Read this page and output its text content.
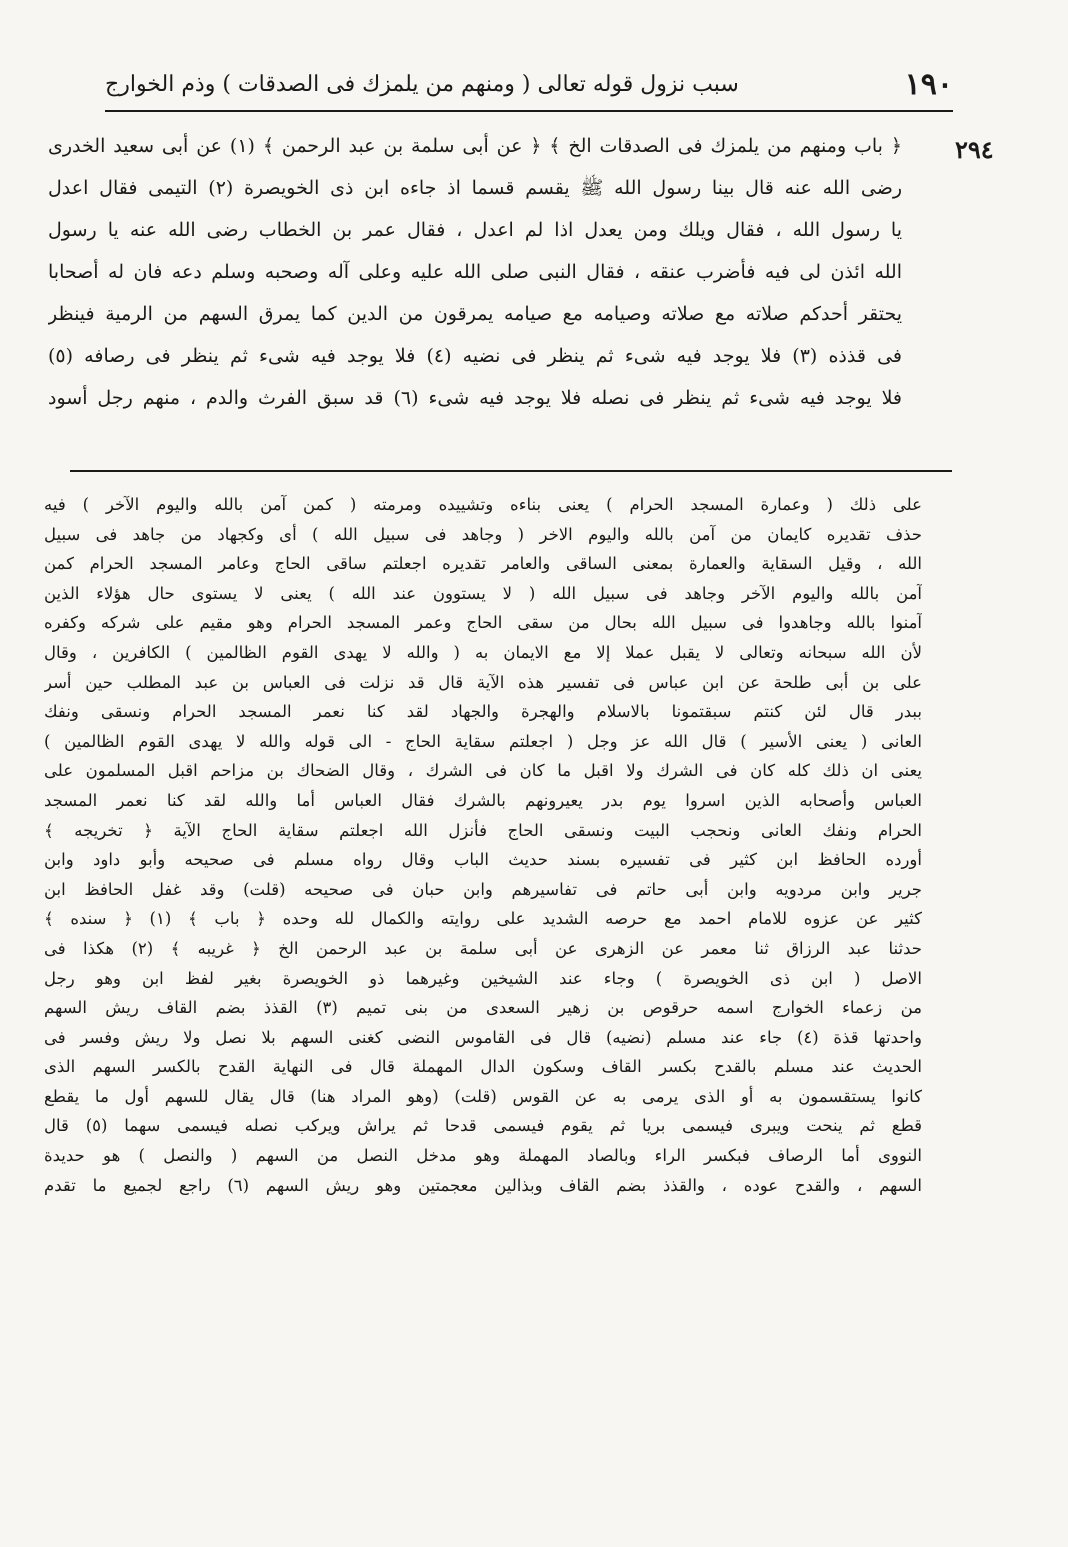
١٩٠
سبب نزول قوله تعالى ( ومنهم من يلمزك فى الصدقات ) وذم الخوارج
٢٩٤
﴿ باب ومنهم من يلمزك فى الصدقات الخ ﴾ ﴿ عن أبى سلمة بن عبد الرحمن ﴾ (١) عن أبى سعيد الخدرى
رضى الله عنه قال بينا رسول الله ﷺ يقسم قسما اذ جاءه ابن ذى الخويصرة (٢) التيمى فقال اعدل
يا رسول الله ، فقال ويلك ومن يعدل اذا لم اعدل ، فقال عمر بن الخطاب رضى الله عنه يا رسول
الله ائذن لى فيه فأضرب عنقه ، فقال النبى صلى الله عليه وعلى آله وصحبه وسلم دعه فان له أصحابا
يحتقر أحدكم صلاته مع صلاته وصيامه مع صيامه يمرقون من الدين كما يمرق السهم من الرمية فينظر
فى قذذه (٣) فلا يوجد فيه شىء ثم ينظر فى نضيه (٤) فلا يوجد فيه شىء ثم ينظر فى رصافه (٥)
فلا يوجد فيه شىء ثم ينظر فى نصله فلا يوجد فيه شىء (٦) قد سبق الفرث والدم ، منهم رجل أسود
على ذلك ( وعمارة المسجد الحرام ) يعنى بناءه وتشييده ومرمته ( كمن آمن بالله واليوم الآخر ) فيه
حذف تقديره كايمان من آمن بالله واليوم الاخر ( وجاهد فى سبيل الله ) أى وكجهاد من جاهد فى سبيل
الله ، وقيل السقاية والعمارة بمعنى الساقى والعامر تقديره اجعلتم ساقى الحاج وعامر المسجد الحرام كمن
آمن بالله واليوم الآخر وجاهد فى سبيل الله ( لا يستوون عند الله ) يعنى لا يستوى حال هؤلاء الذين
آمنوا بالله وجاهدوا فى سبيل الله بحال من سقى الحاج وعمر المسجد الحرام وهو مقيم على شركه وكفره
لأن الله سبحانه وتعالى لا يقبل عملا إلا مع الايمان به ( والله لا يهدى القوم الظالمين ) الكافرين ، وقال
على بن أبى طلحة عن ابن عباس فى تفسير هذه الآية قال قد نزلت فى العباس بن عبد المطلب حين أسر
ببدر قال لئن كنتم سبقتمونا بالاسلام والهجرة والجهاد لقد كنا نعمر المسجد الحرام ونسقى ونفك
العانى ( يعنى الأسير ) قال الله عز وجل ( اجعلتم سقاية الحاج - الى قوله والله لا يهدى القوم الظالمين )
يعنى ان ذلك كله كان فى الشرك ولا اقبل ما كان فى الشرك ، وقال الضحاك بن مزاحم اقبل المسلمون على
العباس وأصحابه الذين اسروا يوم بدر يعيرونهم بالشرك فقال العباس أما والله لقد كنا نعمر المسجد
الحرام ونفك العانى ونحجب البيت ونسقى الحاج فأنزل الله اجعلتم سقاية الحاج الآية ﴿ تخريجه ﴾
أورده الحافظ ابن كثير فى تفسيره بسند حديث الباب وقال رواه مسلم فى صحيحه وأبو داود وابن
جرير وابن مردويه وابن أبى حاتم فى تفاسيرهم وابن حبان فى صحيحه (قلت) وقد غفل الحافظ ابن
كثير عن عزوه للامام احمد مع حرصه الشديد على روايته والكمال لله وحده ﴿ باب ﴾ (١) ﴿ سنده ﴾
حدثنا عبد الرزاق ثنا معمر عن الزهرى عن أبى سلمة بن عبد الرحمن الخ ﴿ غريبه ﴾ (٢) هكذا فى
الاصل ( ابن ذى الخويصرة ) وجاء عند الشيخين وغيرهما ذو الخويصرة بغير لفظ ابن وهو رجل
من زعماء الخوارج اسمه حرقوص بن زهير السعدى من بنى تميم (٣) القذذ بضم القاف ريش السهم
واحدتها قذة (٤) جاء عند مسلم (نضيه) قال فى القاموس النضى كغنى السهم بلا نصل ولا ريش وفسر فى
الحديث عند مسلم بالقدح بكسر القاف وسكون الدال المهملة قال فى النهاية القدح بالكسر السهم الذى
كانوا يستقسمون به أو الذى يرمى به عن القوس (قلت) (وهو المراد هنا) قال يقال للسهم أول ما يقطع
قطع ثم ينحت ويبرى فيسمى بريا ثم يقوم فيسمى قدحا ثم يراش ويركب نصله فيسمى سهما (٥) قال
النووى أما الرصاف فبكسر الراء وبالصاد المهملة وهو مدخل النصل من السهم ( والنصل ) هو حديدة
السهم ، والقدح عوده ، والقذذ بضم القاف وبذالين معجمتين وهو ريش السهم (٦) راجع لجميع ما تقدم
